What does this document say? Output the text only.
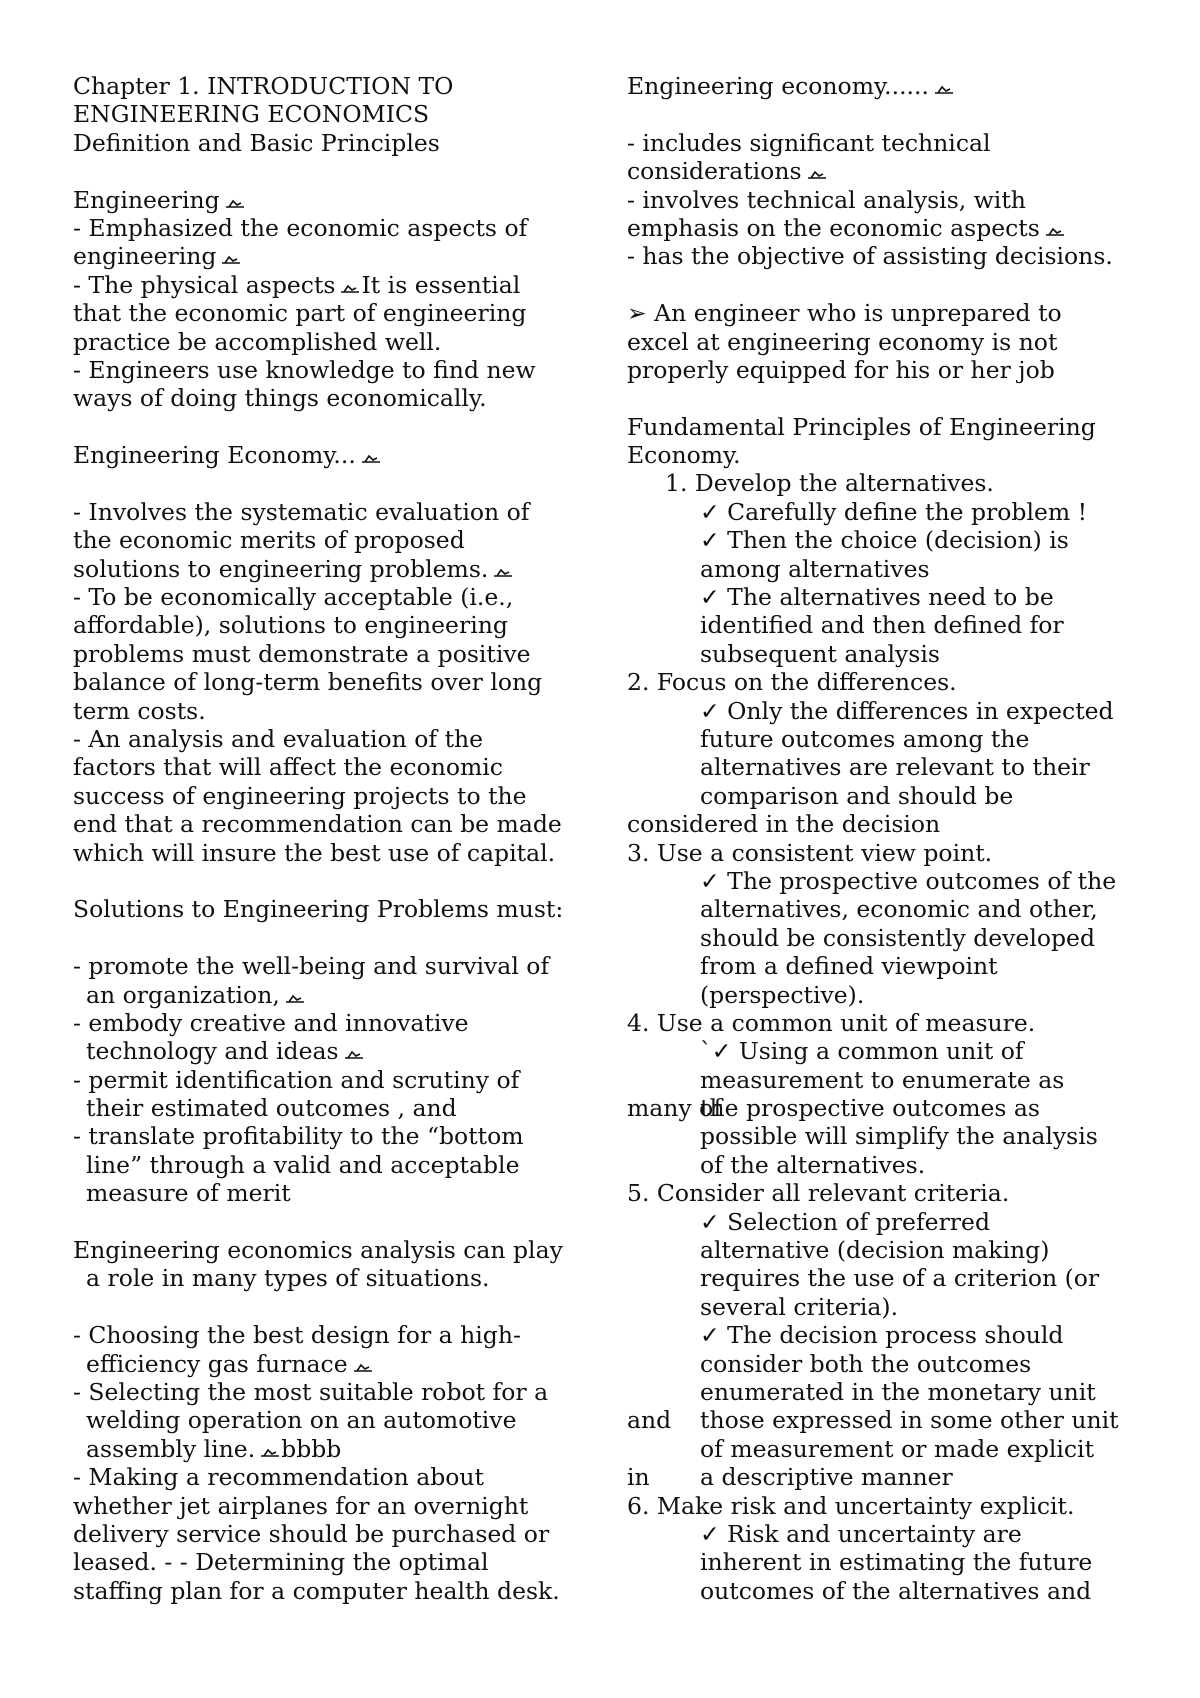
Chapter 1. INTRODUCTION TO
ENGINEERING ECONOMICS
Definition and Basic Principles
Engineering
- Emphasized the economic aspects of
engineering
- The physical aspects It is essential
that the economic part of engineering
practice be accomplished well.
- Engineers use knowledge to find new
ways of doing things economically.
Engineering Economy...
- Involves the systematic evaluation of
the economic merits of proposed
solutions to engineering problems.
- To be economically acceptable (i.e.,
affordable), solutions to engineering
problems must demonstrate a positive
balance of long-term benefits over long
term costs.
- An analysis and evaluation of the
factors that will affect the economic
success of engineering projects to the
end that a recommendation can be made
which will insure the best use of capital.
Solutions to Engineering Problems must:
- promote the well-being and survival of
an organization,
- embody creative and innovative
technology and ideas
- permit identification and scrutiny of
their estimated outcomes , and
- translate profitability to the “bottom
line” through a valid and acceptable
measure of merit
Engineering economics analysis can play
a role in many types of situations.
- Choosing the best design for a high-
efficiency gas furnace
- Selecting the most suitable robot for a
welding operation on an automotive
assembly line. bbbb
- Making a recommendation about
whether jet airplanes for an overnight
delivery service should be purchased or
leased. - - Determining the optimal
staffing plan for a computer health desk.
Engineering economy......
- includes significant technical
considerations
- involves technical analysis, with
emphasis on the economic aspects
- has the objective of assisting decisions.
➢ An engineer who is unprepared to
excel at engineering economy is not
properly equipped for his or her job
Fundamental Principles of Engineering
Economy.
1. Develop the alternatives.
✓ Carefully define the problem !
✓ Then the choice (decision) is
among alternatives
✓ The alternatives need to be
identified and then defined for
subsequent analysis
2. Focus on the differences.
✓ Only the differences in expected
future outcomes among the
alternatives are relevant to their
comparison and should be
considered in the decision
3. Use a consistent view point.
✓ The prospective outcomes of the
alternatives, economic and other,
should be consistently developed
from a defined viewpoint
(perspective).
4. Use a common unit of measure.
`✓ Using a common unit of
measurement to enumerate as
many ofthe prospective outcomes as
possible will simplify the analysis
of the alternatives.
5. Consider all relevant criteria.
✓ Selection of preferred
alternative (decision making)
requires the use of a criterion (or
several criteria).
✓ The decision process should
consider both the outcomes
enumerated in the monetary unit
and those expressed in some other unit
of measurement or made explicit
in a descriptive manner
6. Make risk and uncertainty explicit.
✓ Risk and uncertainty are
inherent in estimating the future
outcomes of the alternatives and
